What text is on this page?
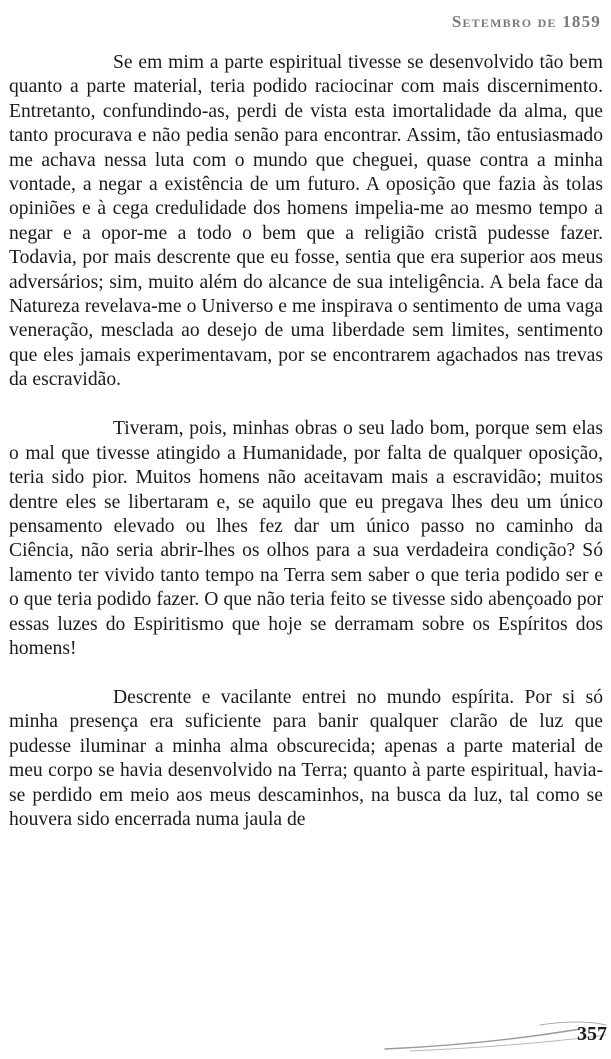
Setembro de 1859

Se em mim a parte espiritual tivesse se desenvolvido tão bem quanto a parte material, teria podido raciocinar com mais discernimento. Entretanto, confundindo-as, perdi de vista esta imortalidade da alma, que tanto procurava e não pedia senão para encontrar. Assim, tão entusiasmado me achava nessa luta com o mundo que cheguei, quase contra a minha vontade, a negar a existência de um futuro. A oposição que fazia às tolas opiniões e à cega credulidade dos homens impelia-me ao mesmo tempo a negar e a opor-me a todo o bem que a religião cristã pudesse fazer. Todavia, por mais descrente que eu fosse, sentia que era superior aos meus adversários; sim, muito além do alcance de sua inteligência. A bela face da Natureza revelava-me o Universo e me inspirava o sentimento de uma vaga veneração, mesclada ao desejo de uma liberdade sem limites, sentimento que eles jamais experimentavam, por se encontrarem agachados nas trevas da escravidão.

Tiveram, pois, minhas obras o seu lado bom, porque sem elas o mal que tivesse atingido a Humanidade, por falta de qualquer oposição, teria sido pior. Muitos homens não aceitavam mais a escravidão; muitos dentre eles se libertaram e, se aquilo que eu pregava lhes deu um único pensamento elevado ou lhes fez dar um único passo no caminho da Ciência, não seria abrir-lhes os olhos para a sua verdadeira condição? Só lamento ter vivido tanto tempo na Terra sem saber o que teria podido ser e o que teria podido fazer. O que não teria feito se tivesse sido abençoado por essas luzes do Espiritismo que hoje se derramam sobre os Espíritos dos homens!

Descrente e vacilante entrei no mundo espírita. Por si só minha presença era suficiente para banir qualquer clarão de luz que pudesse iluminar a minha alma obscurecida; apenas a parte material de meu corpo se havia desenvolvido na Terra; quanto à parte espiritual, havia-se perdido em meio aos meus descaminhos, na busca da luz, tal como se houvera sido encerrada numa jaula de

357
